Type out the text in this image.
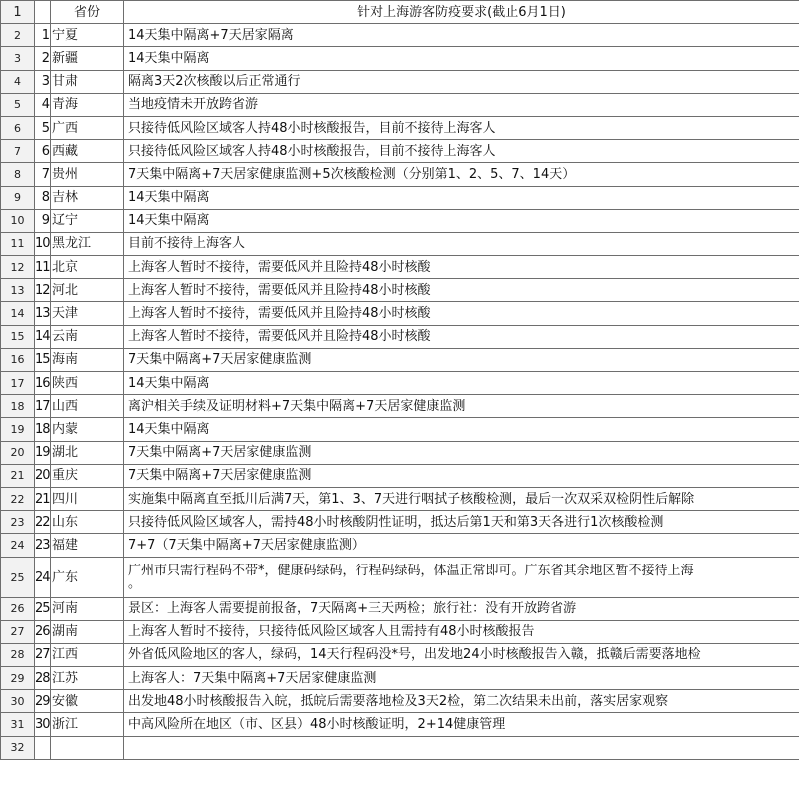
1		省份	针对上海游客防疫要求(截止6月1日)
2	1	宁夏	14天集中隔离+7天居家隔离
3	2	新疆	14天集中隔离
4	3	甘肃	隔离3天2次核酸以后正常通行
5	4	青海	当地疫情未开放跨省游
6	5	广西	只接待低风险区域客人持48小时核酸报告，目前不接待上海客人
7	6	西藏	只接待低风险区域客人持48小时核酸报告，目前不接待上海客人
8	7	贵州	7天集中隔离+7天居家健康监测+5次核酸检测（分别第1、2、5、7、14天）
9	8	吉林	14天集中隔离
10	9	辽宁	14天集中隔离
11	10	黑龙江	目前不接待上海客人
12	11	北京	上海客人暂时不接待，需要低风并且险持48小时核酸
13	12	河北	上海客人暂时不接待，需要低风并且险持48小时核酸
14	13	天津	上海客人暂时不接待，需要低风并且险持48小时核酸
15	14	云南	上海客人暂时不接待，需要低风并且险持48小时核酸
16	15	海南	7天集中隔离+7天居家健康监测
17	16	陕西	14天集中隔离
18	17	山西	离沪相关手续及证明材料+7天集中隔离+7天居家健康监测
19	18	内蒙	14天集中隔离
20	19	湖北	7天集中隔离+7天居家健康监测
21	20	重庆	7天集中隔离+7天居家健康监测
22	21	四川	实施集中隔离直至抵川后满7天，第1、3、7天进行咽拭子核酸检测，最后一次双采双检阴性后解除
23	22	山东	只接待低风险区域客人，需持48小时核酸阴性证明，抵达后第1天和第3天各进行1次核酸检测
24	23	福建	7+7（7天集中隔离+7天居家健康监测）
25	24	广东	广州市只需行程码不带*，健康码绿码，行程码绿码，体温正常即可。广东省其余地区暂不接待上海
。

26	25	河南	景区：上海客人需要提前报备，7天隔离+三天两检；旅行社：没有开放跨省游
27	26	湖南	上海客人暂时不接待，只接待低风险区域客人且需持有48小时核酸报告
28	27	江西	外省低风险地区的客人，绿码，14天行程码没*号，出发地24小时核酸报告入赣，抵赣后需要落地检
29	28	江苏	上海客人：7天集中隔离+7天居家健康监测
30	29	安徽	出发地48小时核酸报告入皖，抵皖后需要落地检及3天2检，第二次结果未出前，落实居家观察
31	30	浙江	中高风险所在地区（市、区县）48小时核酸证明，2+14健康管理
32			
